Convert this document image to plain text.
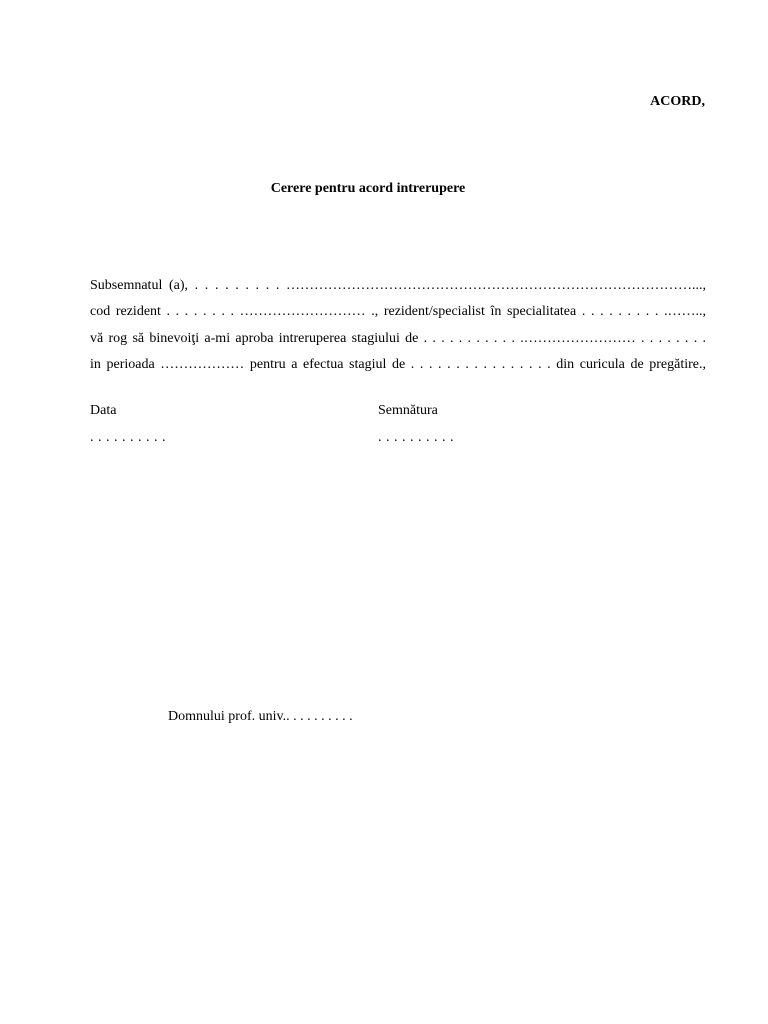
ACORD,
Cerere pentru acord intrerupere
Subsemnatul (a), . . . . . . . . . ……………………………………………………………………………...,
cod rezident . . . . . . . . ……………………… ., rezident/specialist în specialitatea . . . . . . . . . .……..,
vă rog să binevoiţi a-mi aproba intreruperea stagiului de . . . . . . . . . . . .…………………… . . . . . . . .
in perioada ……………… pentru a efectua stagiul de . . . . . . . . . . . . . . . . din curicula de pregătire.,
Data
. . . . . . . . . .
Semnătura
. . . . . . . . . .
Domnului prof. univ.. . . . . . . . . .
